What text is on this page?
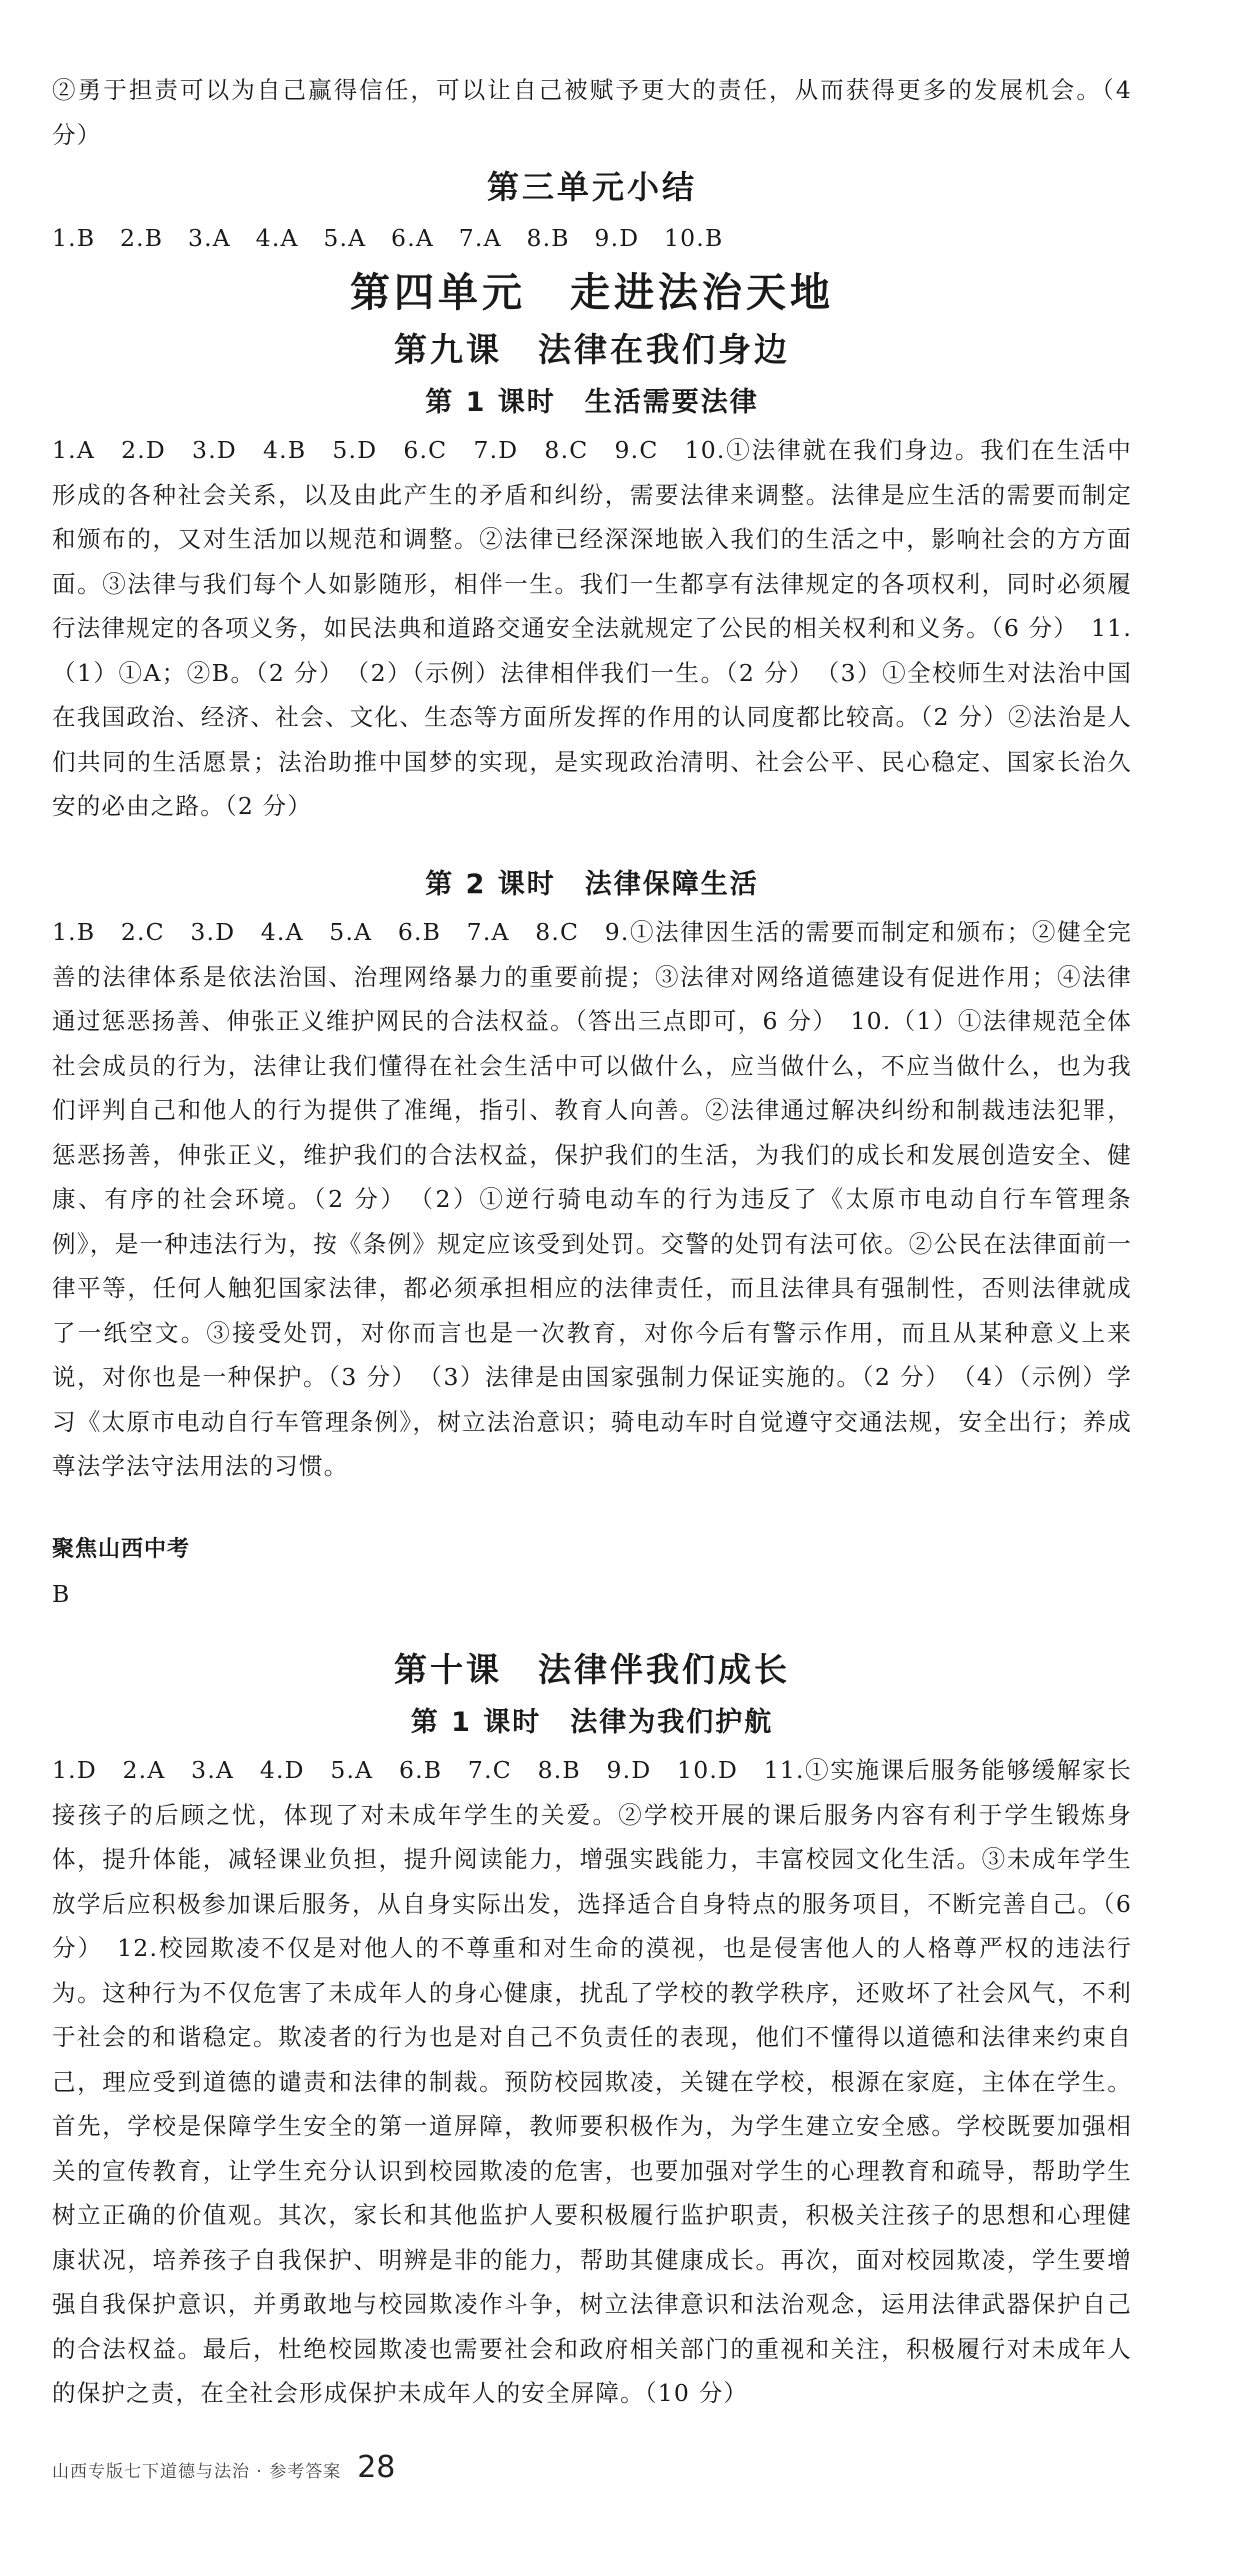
②勇于担责可以为自己赢得信任，可以让自己被赋予更大的责任，从而获得更多的发展机会。（4 分）

第三单元小结

1.B　2.B　3.A　4.A　5.A　6.A　7.A　8.B　9.D　10.B

第四单元　走进法治天地

第九课　法律在我们身边

第 1 课时　生活需要法律

1.A　2.D　3.D　4.B　5.D　6.C　7.D　8.C　9.C　10.①法律就在我们身边。我们在生活中形成的各种社会关系，以及由此产生的矛盾和纠纷，需要法律来调整。法律是应生活的需要而制定和颁布的，又对生活加以规范和调整。②法律已经深深地嵌入我们的生活之中，影响社会的方方面面。③法律与我们每个人如影随形，相伴一生。我们一生都享有法律规定的各项权利，同时必须履行法律规定的各项义务，如民法典和道路交通安全法就规定了公民的相关权利和义务。（6 分）　11.（1）①A；②B。（2 分）　（2）（示例）法律相伴我们一生。（2 分）　（3）①全校师生对法治中国在我国政治、经济、社会、文化、生态等方面所发挥的作用的认同度都比较高。（2 分）②法治是人们共同的生活愿景；法治助推中国梦的实现，是实现政治清明、社会公平、民心稳定、国家长治久安的必由之路。（2 分）

第 2 课时　法律保障生活

1.B　2.C　3.D　4.A　5.A　6.B　7.A　8.C　9.①法律因生活的需要而制定和颁布；②健全完善的法律体系是依法治国、治理网络暴力的重要前提；③法律对网络道德建设有促进作用；④法律通过惩恶扬善、伸张正义维护网民的合法权益。（答出三点即可，6 分）　10.（1）①法律规范全体社会成员的行为，法律让我们懂得在社会生活中可以做什么，应当做什么，不应当做什么，也为我们评判自己和他人的行为提供了准绳，指引、教育人向善。②法律通过解决纠纷和制裁违法犯罪，惩恶扬善，伸张正义，维护我们的合法权益，保护我们的生活，为我们的成长和发展创造安全、健康、有序的社会环境。（2 分）　（2）①逆行骑电动车的行为违反了《太原市电动自行车管理条例》，是一种违法行为，按《条例》规定应该受到处罚。交警的处罚有法可依。②公民在法律面前一律平等，任何人触犯国家法律，都必须承担相应的法律责任，而且法律具有强制性，否则法律就成了一纸空文。③接受处罚，对你而言也是一次教育，对你今后有警示作用，而且从某种意义上来说，对你也是一种保护。（3 分）　（3）法律是由国家强制力保证实施的。（2 分）　（4）（示例）学习《太原市电动自行车管理条例》，树立法治意识；骑电动车时自觉遵守交通法规，安全出行；养成尊法学法守法用法的习惯。

聚焦山西中考

B

第十课　法律伴我们成长

第 1 课时　法律为我们护航

1.D　2.A　3.A　4.D　5.A　6.B　7.C　8.B　9.D　10.D　11.①实施课后服务能够缓解家长接孩子的后顾之忧，体现了对未成年学生的关爱。②学校开展的课后服务内容有利于学生锻炼身体，提升体能，减轻课业负担，提升阅读能力，增强实践能力，丰富校园文化生活。③未成年学生放学后应积极参加课后服务，从自身实际出发，选择适合自身特点的服务项目，不断完善自己。（6 分）　12.校园欺凌不仅是对他人的不尊重和对生命的漠视，也是侵害他人的人格尊严权的违法行为。这种行为不仅危害了未成年人的身心健康，扰乱了学校的教学秩序，还败坏了社会风气，不利于社会的和谐稳定。欺凌者的行为也是对自己不负责任的表现，他们不懂得以道德和法律来约束自己，理应受到道德的谴责和法律的制裁。预防校园欺凌，关键在学校，根源在家庭，主体在学生。首先，学校是保障学生安全的第一道屏障，教师要积极作为，为学生建立安全感。学校既要加强相关的宣传教育，让学生充分认识到校园欺凌的危害，也要加强对学生的心理教育和疏导，帮助学生树立正确的价值观。其次，家长和其他监护人要积极履行监护职责，积极关注孩子的思想和心理健康状况，培养孩子自我保护、明辨是非的能力，帮助其健康成长。再次，面对校园欺凌，学生要增强自我保护意识，并勇敢地与校园欺凌作斗争，树立法律意识和法治观念，运用法律武器保护自己的合法权益。最后，杜绝校园欺凌也需要社会和政府相关部门的重视和关注，积极履行对未成年人的保护之责，在全社会形成保护未成年人的安全屏障。（10 分）

山西专版七下道德与法治 · 参考答案 28
